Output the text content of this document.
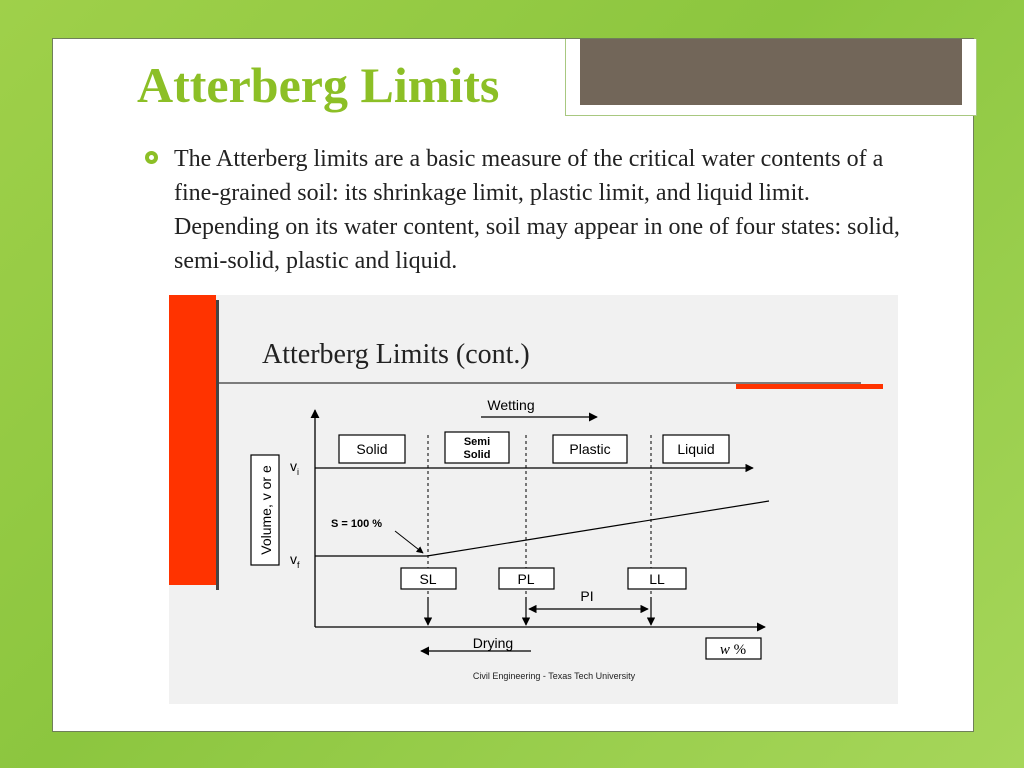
Atterberg Limits

The Atterberg limits are a basic measure of the critical water contents of a fine-grained soil: its shrinkage limit, plastic limit, and liquid limit. Depending on its water content, soil may appear in one of four states: solid, semi-solid, plastic and liquid.

Atterberg Limits (cont.)
Wetting
Drying
Solid	Semi
Solid	Plastic	Liquid
$v_i$
$v_f$
S = 100 %
Volume, v or e
SL	PL	LL
PI
w %
Civil Engineering - Texas Tech University
